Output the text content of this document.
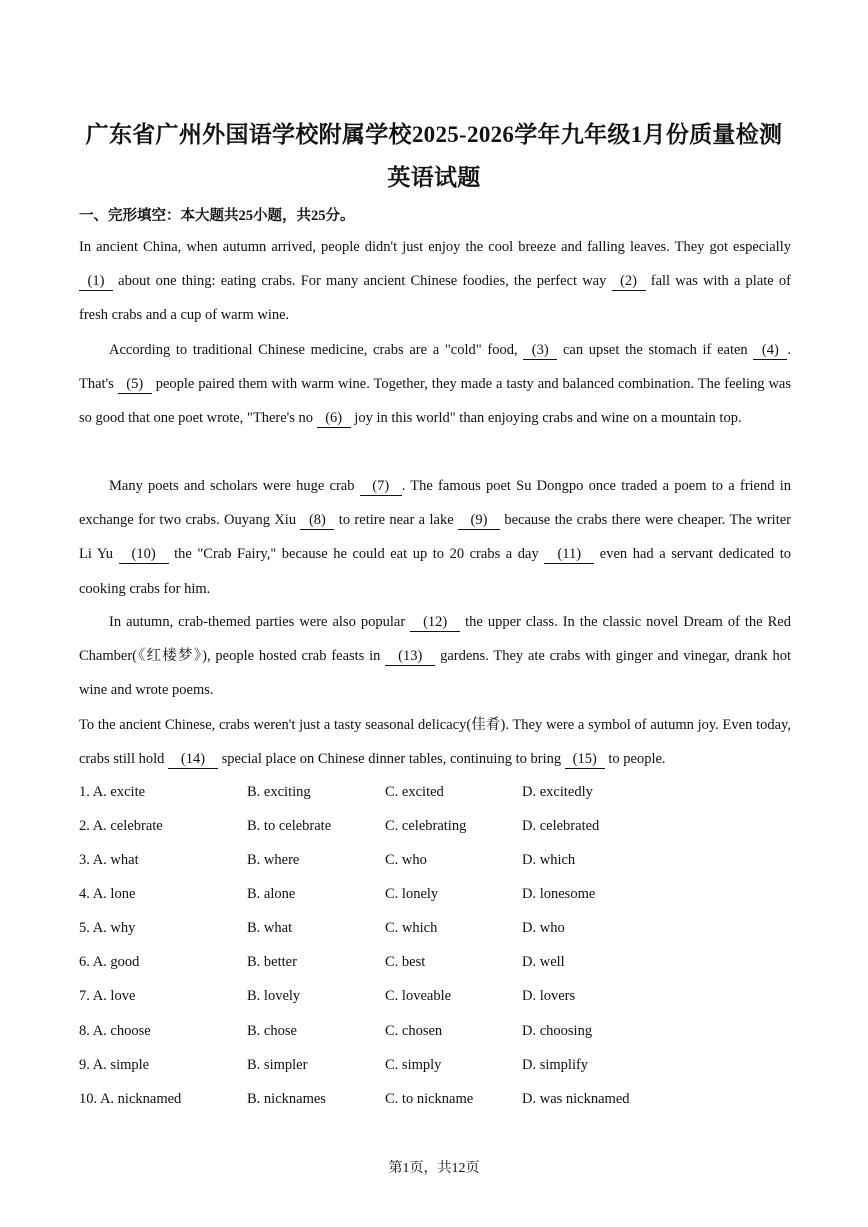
广东省广州外国语学校附属学校2025-2026学年九年级1月份质量检测
英语试题
一、完形填空：本大题共25小题，共25分。
In ancient China, when autumn arrived, people didn't just enjoy the cool breeze and falling leaves. They got especially (1) about one thing: eating crabs. For many ancient Chinese foodies, the perfect way (2) fall was with a plate of fresh crabs and a cup of warm wine.
According to traditional Chinese medicine, crabs are a "cold" food, (3) can upset the stomach if eaten (4) . That's (5) people paired them with warm wine. Together, they made a tasty and balanced combination. The feeling was so good that one poet wrote, "There's no (6) joy in this world" than enjoying crabs and wine on a mountain top.
Many poets and scholars were huge crab (7) . The famous poet Su Dongpo once traded a poem to a friend in exchange for two crabs. Ouyang Xiu (8) to retire near a lake (9) because the crabs there were cheaper. The writer Li Yu (10) the "Crab Fairy," because he could eat up to 20 crabs a day (11) even had a servant dedicated to cooking crabs for him.
In autumn, crab-themed parties were also popular (12) the upper class. In the classic novel Dream of the Red Chamber(《红楼梦》), people hosted crab feasts in (13) gardens. They ate crabs with ginger and vinegar, drank hot wine and wrote poems.
To the ancient Chinese, crabs weren't just a tasty seasonal delicacy(佳肴). They were a symbol of autumn joy. Even today, crabs still hold (14) special place on Chinese dinner tables, continuing to bring (15) to people.
1. A. excite	B. exciting	C. excited	D. excitedly
2. A. celebrate	B. to celebrate	C. celebrating	D. celebrated
3. A. what	B. where	C. who	D. which
4. A. lone	B. alone	C. lonely	D. lonesome
5. A. why	B. what	C. which	D. who
6. A. good	B. better	C. best	D. well
7. A. love	B. lovely	C. loveable	D. lovers
8. A. choose	B. chose	C. chosen	D. choosing
9. A. simple	B. simpler	C. simply	D. simplify
10. A. nicknamed	B. nicknames	C. to nickname	D. was nicknamed
第1页，共12页
